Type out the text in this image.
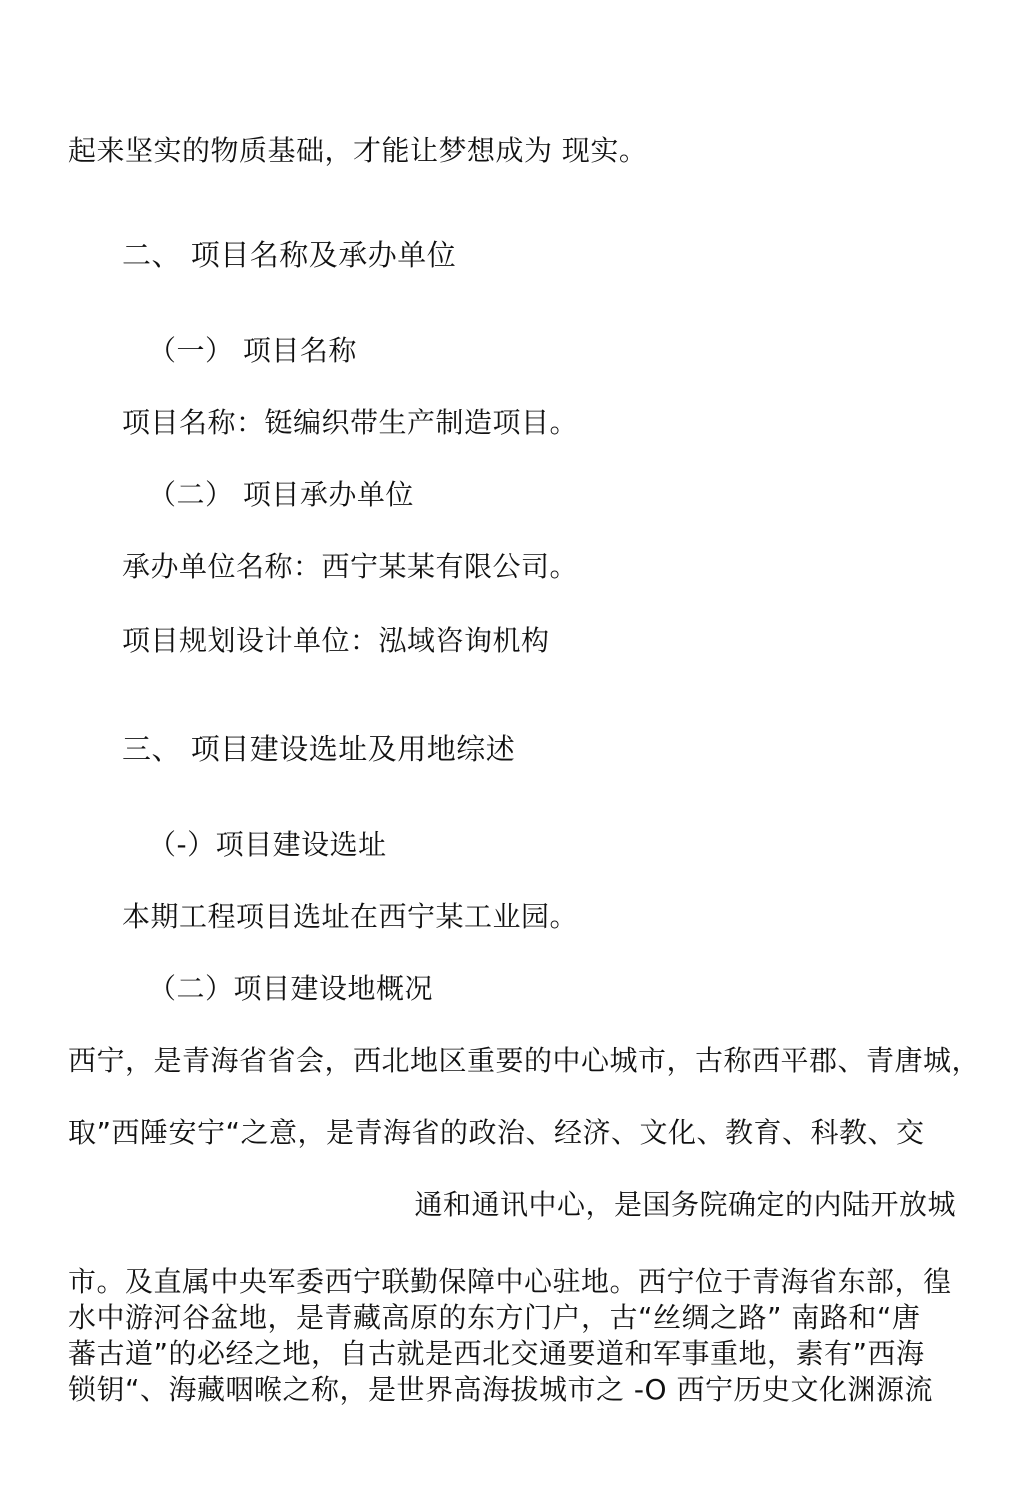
起来坚实的物质基础，才能让梦想成为 现实。
二、 项目名称及承办单位
（一） 项目名称
项目名称：铤编织带生产制造项目。
（二） 项目承办单位
承办单位名称：西宁某某有限公司。
项目规划设计单位：泓域咨询机构
三、 项目建设选址及用地综述
（-）项目建设选址
本期工程项目选址在西宁某工业园。
（二）项目建设地概况
西宁，是青海省省会，西北地区重要的中心城市，古称西平郡、青唐城，
取”西陲安宁“之意，是青海省的政治、经济、文化、教育、科教、交
通和通讯中心，是国务院确定的内陆开放城
市。及直属中央军委西宁联勤保障中心驻地。西宁位于青海省东部，徨
水中游河谷盆地，是青藏高原的东方门户，古“丝绸之路” 南路和“唐
蕃古道”的必经之地，自古就是西北交通要道和军事重地，素有”西海
锁钥“、海藏咽喉之称，是世界高海拔城市之 -O 西宁历史文化渊源流
